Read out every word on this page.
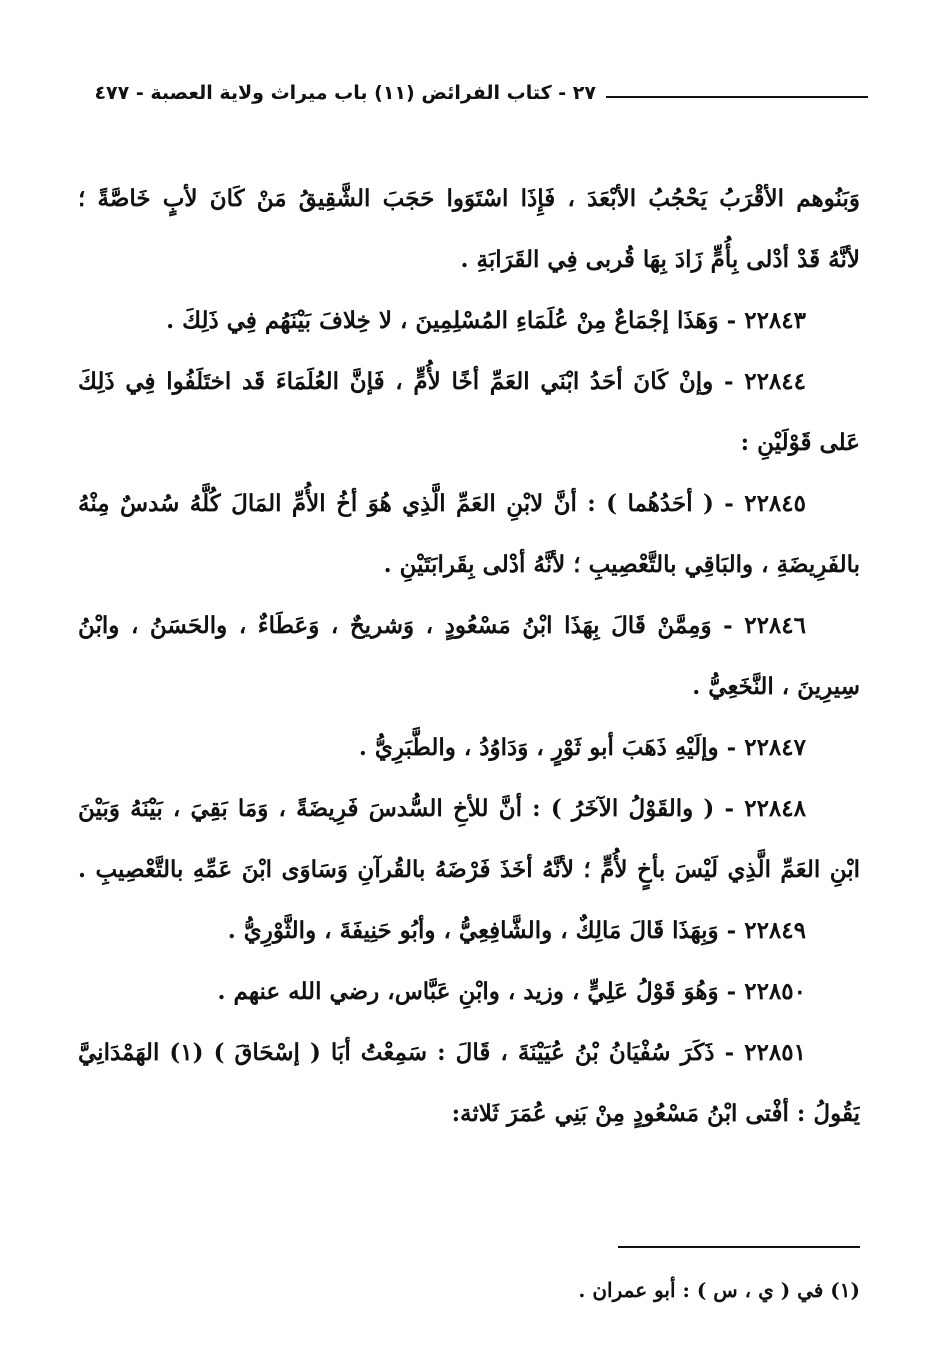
٢٧ - كتاب الفرائض (١١) باب ميراث ولاية العصبة - ٤٧٧
وَبَنُوهم الأقْرَبُ يَحْجُبُ الأبْعَدَ ، فَإِذَا اسْتَوَوا حَجَبَ الشَّقِيقُ مَنْ كَانَ لأبٍ خَاصَّةً ؛
لأنَّهُ قَدْ أدْلى بِأُمٍّ زَادَ بِهَا قُربى فِي القَرَابَةِ .
٢٢٨٤٣ - وَهَذَا إجْمَاعٌ مِنْ عُلَمَاءِ المُسْلِمِينَ ، لا خِلافَ بَيْنَهُم فِي ذَلِكَ .
٢٢٨٤٤ - وإنْ كَانَ أحَدُ ابْنَي العَمِّ أخًا لأُمٍّ ، فَإنَّ العُلَمَاءَ قَد اختَلَفُوا فِي ذَلِكَ
عَلى قَوْلَيْنِ :
٢٢٨٤٥ - ( أحَدُهُما ) : أنَّ لابْنِ العَمِّ الَّذِي هُوَ أخُ الأُمِّ المَالَ كُلَّهُ سُدسٌ مِنْهُ
بالفَرِيضَةِ ، والبَاقِي بالتَّعْصِيبِ ؛ لأنَّهُ أدْلى بِقَرابَتَيْنِ .
٢٢٨٤٦ - وَمِمَّنْ قَالَ بِهَذَا ابْنُ مَسْعُودٍ ، وَشريحٌ ، وَعَطَاءٌ ، والحَسَنُ ، وابْنُ
سِيرِينَ ، النَّخَعِيُّ .
٢٢٨٤٧ - وإلَيْهِ ذَهَبَ أبو ثَوْرٍ ، وَدَاوُدُ ، والطَّبَرِيُّ .
٢٢٨٤٨ - ( والقَوْلُ الآخَرُ ) : أنَّ للأخِ السُّدسَ فَرِيضَةً ، وَمَا بَقِيَ ، بَيْنَهُ وَبَيْنَ
ابْنِ العَمِّ الَّذِي لَيْسَ بأخٍ لأُمٍّ ؛ لأنَّهُ أخَذَ فَرْضَهُ بالقُرآنِ وَسَاوَى ابْنَ عَمِّهِ بالتَّعْصِيبِ .
٢٢٨٤٩ - وَبِهَذَا قَالَ مَالِكٌ ، والشَّافِعِيُّ ، وأبُو حَنِيفَةَ ، والثَّوْرِيُّ .
٢٢٨٥٠ - وَهُوَ قَوْلُ عَلِيٍّ ، وزيد ، وابْنِ عَبَّاس، رضي الله عنهم .
٢٢٨٥١ - ذَكَرَ سُفْيَانُ بْنُ عُيَيْنَةَ ، قَالَ : سَمِعْتُ أبَا ( إسْحَاقَ ) (١) الهَمْدَانِيَّ
يَقُولُ : أفْتى ابْنُ مَسْعُودٍ مِنْ بَنِي عُمَرَ ثَلاثة:
(١) في ( ي ، س ) : أبو عمران .
